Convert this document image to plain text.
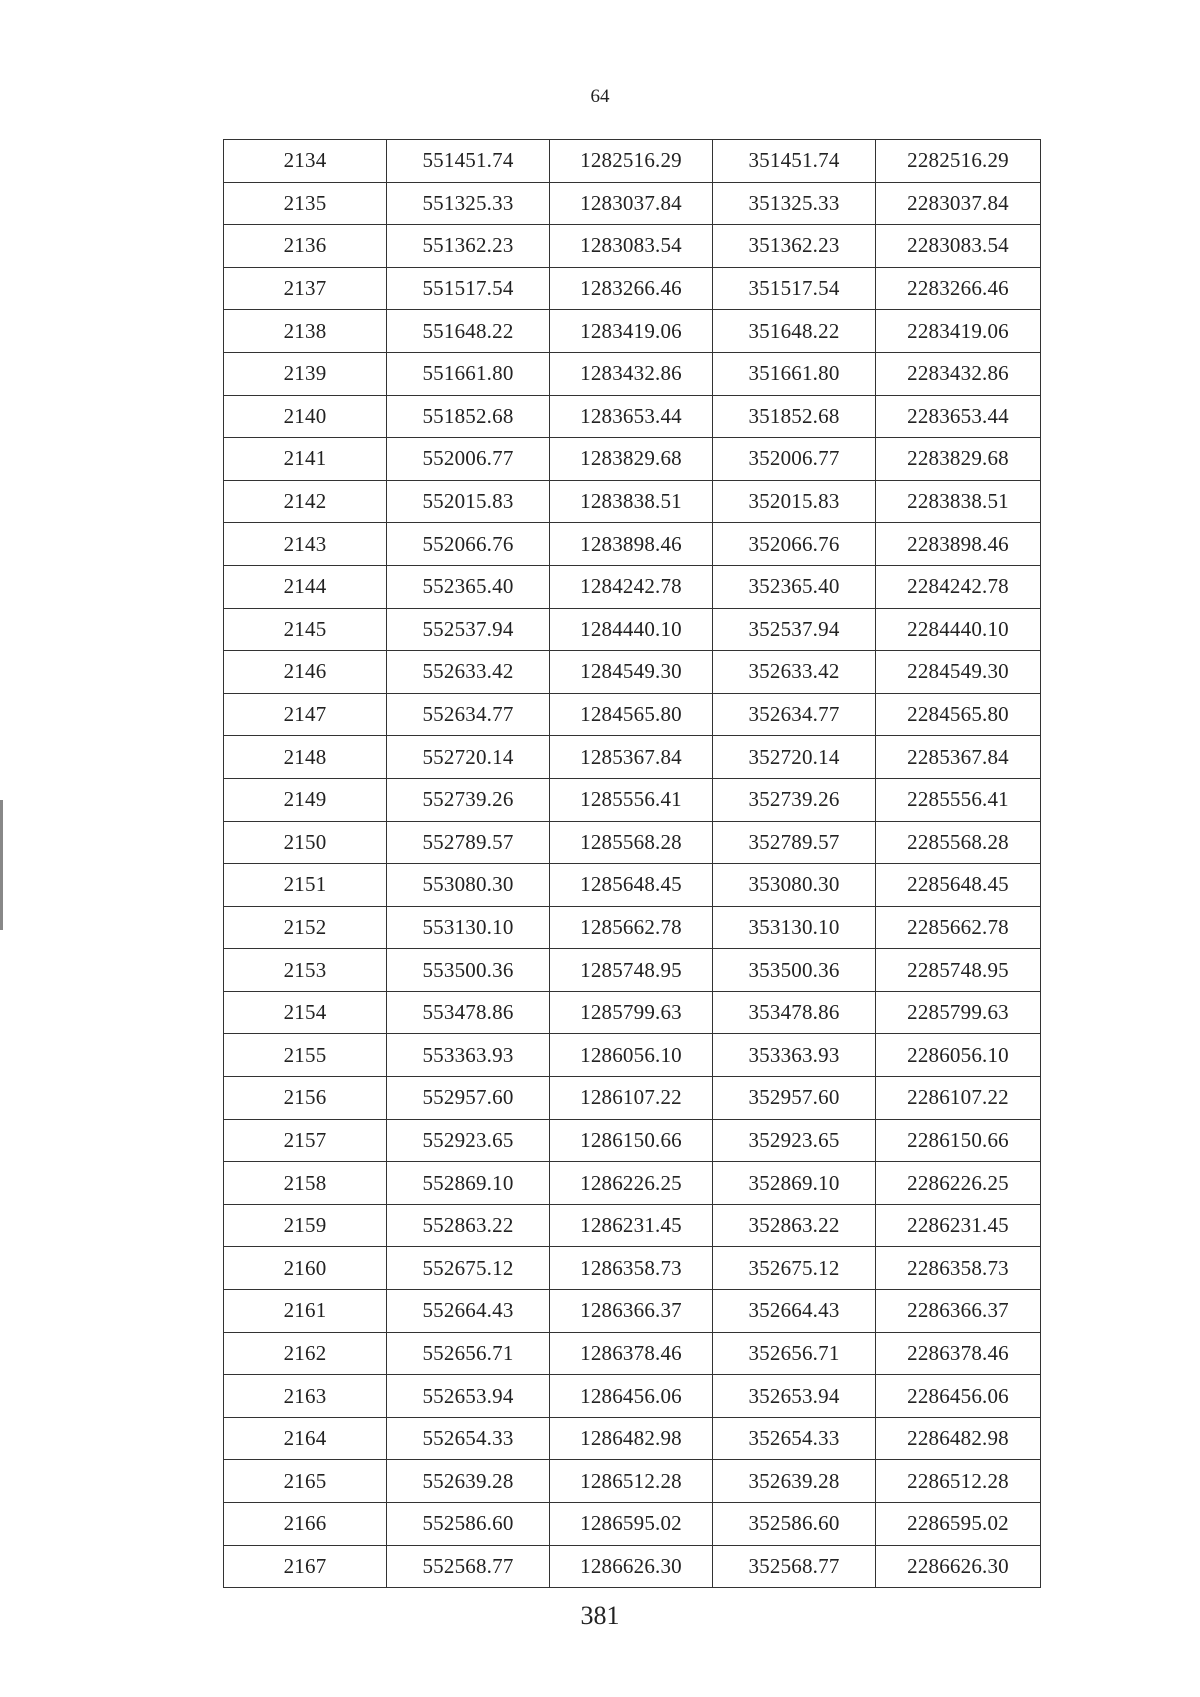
64
2134	551451.74	1282516.29	351451.74	2282516.29
2135	551325.33	1283037.84	351325.33	2283037.84
2136	551362.23	1283083.54	351362.23	2283083.54
2137	551517.54	1283266.46	351517.54	2283266.46
2138	551648.22	1283419.06	351648.22	2283419.06
2139	551661.80	1283432.86	351661.80	2283432.86
2140	551852.68	1283653.44	351852.68	2283653.44
2141	552006.77	1283829.68	352006.77	2283829.68
2142	552015.83	1283838.51	352015.83	2283838.51
2143	552066.76	1283898.46	352066.76	2283898.46
2144	552365.40	1284242.78	352365.40	2284242.78
2145	552537.94	1284440.10	352537.94	2284440.10
2146	552633.42	1284549.30	352633.42	2284549.30
2147	552634.77	1284565.80	352634.77	2284565.80
2148	552720.14	1285367.84	352720.14	2285367.84
2149	552739.26	1285556.41	352739.26	2285556.41
2150	552789.57	1285568.28	352789.57	2285568.28
2151	553080.30	1285648.45	353080.30	2285648.45
2152	553130.10	1285662.78	353130.10	2285662.78
2153	553500.36	1285748.95	353500.36	2285748.95
2154	553478.86	1285799.63	353478.86	2285799.63
2155	553363.93	1286056.10	353363.93	2286056.10
2156	552957.60	1286107.22	352957.60	2286107.22
2157	552923.65	1286150.66	352923.65	2286150.66
2158	552869.10	1286226.25	352869.10	2286226.25
2159	552863.22	1286231.45	352863.22	2286231.45
2160	552675.12	1286358.73	352675.12	2286358.73
2161	552664.43	1286366.37	352664.43	2286366.37
2162	552656.71	1286378.46	352656.71	2286378.46
2163	552653.94	1286456.06	352653.94	2286456.06
2164	552654.33	1286482.98	352654.33	2286482.98
2165	552639.28	1286512.28	352639.28	2286512.28
2166	552586.60	1286595.02	352586.60	2286595.02
2167	552568.77	1286626.30	352568.77	2286626.30
381
